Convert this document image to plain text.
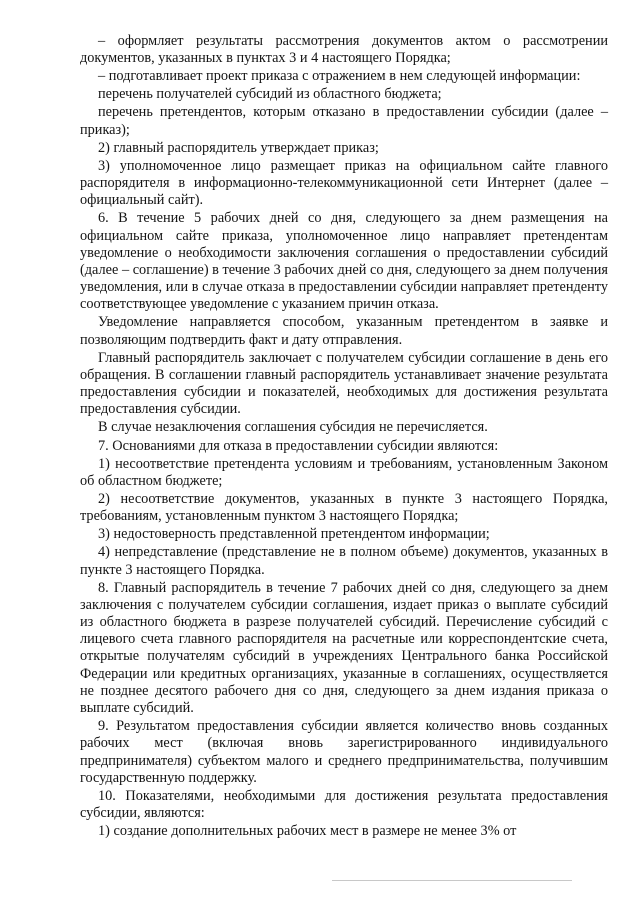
– оформляет результаты рассмотрения документов актом о рассмотрении документов, указанных в пунктах 3 и 4 настоящего Порядка;

– подготавливает проект приказа с отражением в нем следующей информации:

перечень получателей субсидий из областного бюджета;

перечень претендентов, которым отказано в предоставлении субсидии (далее – приказ);

2) главный распорядитель утверждает приказ;

3) уполномоченное лицо размещает приказ на официальном сайте главного распорядителя в информационно-телекоммуникационной сети Интернет (далее – официальный сайт).

6. В течение 5 рабочих дней со дня, следующего за днем размещения на официальном сайте приказа, уполномоченное лицо направляет претендентам уведомление о необходимости заключения соглашения о предоставлении субсидий (далее – соглашение) в течение 3 рабочих дней со дня, следующего за днем получения уведомления, или в случае отказа в предоставлении субсидии направляет претенденту соответствующее уведомление с указанием причин отказа.

Уведомление направляется способом, указанным претендентом в заявке и позволяющим подтвердить факт и дату отправления.

Главный распорядитель заключает с получателем субсидии соглашение в день его обращения. В соглашении главный распорядитель устанавливает значение результата предоставления субсидии и показателей, необходимых для достижения результата предоставления субсидии.

В случае незаключения соглашения субсидия не перечисляется.

7. Основаниями для отказа в предоставлении субсидии являются:

1) несоответствие претендента условиям и требованиям, установленным Законом об областном бюджете;

2) несоответствие документов, указанных в пункте 3 настоящего Порядка, требованиям, установленным пунктом 3 настоящего Порядка;

3) недостоверность представленной претендентом информации;

4) непредставление (представление не в полном объеме) документов, указанных в пункте 3 настоящего Порядка.

8. Главный распорядитель в течение 7 рабочих дней со дня, следующего за днем заключения с получателем субсидии соглашения, издает приказ о выплате субсидий из областного бюджета в разрезе получателей субсидий. Перечисление субсидий с лицевого счета главного распорядителя на расчетные или корреспондентские счета, открытые получателям субсидий в учреждениях Центрального банка Российской Федерации или кредитных организациях, указанные в соглашениях, осуществляется не позднее десятого рабочего дня со дня, следующего за днем издания приказа о выплате субсидий.

9. Результатом предоставления субсидии является количество вновь созданных рабочих мест (включая вновь зарегистрированного индивидуального предпринимателя) субъектом малого и среднего предпринимательства, получившим государственную поддержку.

10. Показателями, необходимыми для достижения результата предоставления субсидии, являются:

1) создание дополнительных рабочих мест в размере не менее 3% от
